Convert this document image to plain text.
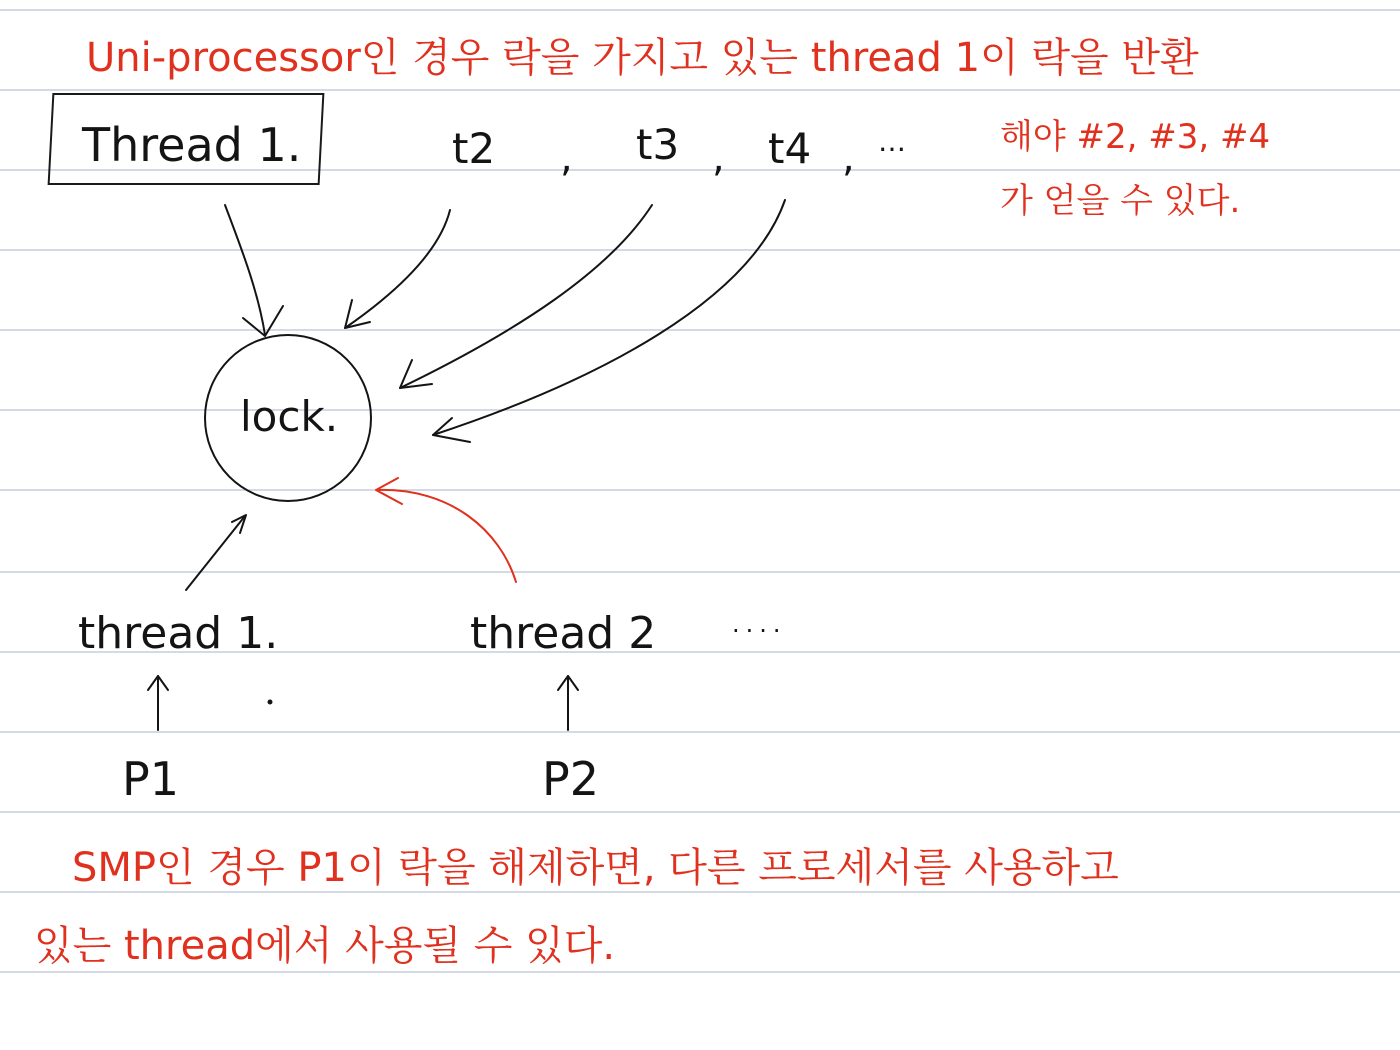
Thread 1.	t2 , t3 , t4 , …
lock.
thread 1.	thread 2	....
P1	P2
Uni-processor인 경우 락을 가지고 있는 thread 1이 락을 반환
해야 #2, #3, #4
가 얻을 수 있다.
SMP인 경우 P1이 락을 해제하면, 다른 프로세서를 사용하고
있는 thread에서 사용될 수 있다.
